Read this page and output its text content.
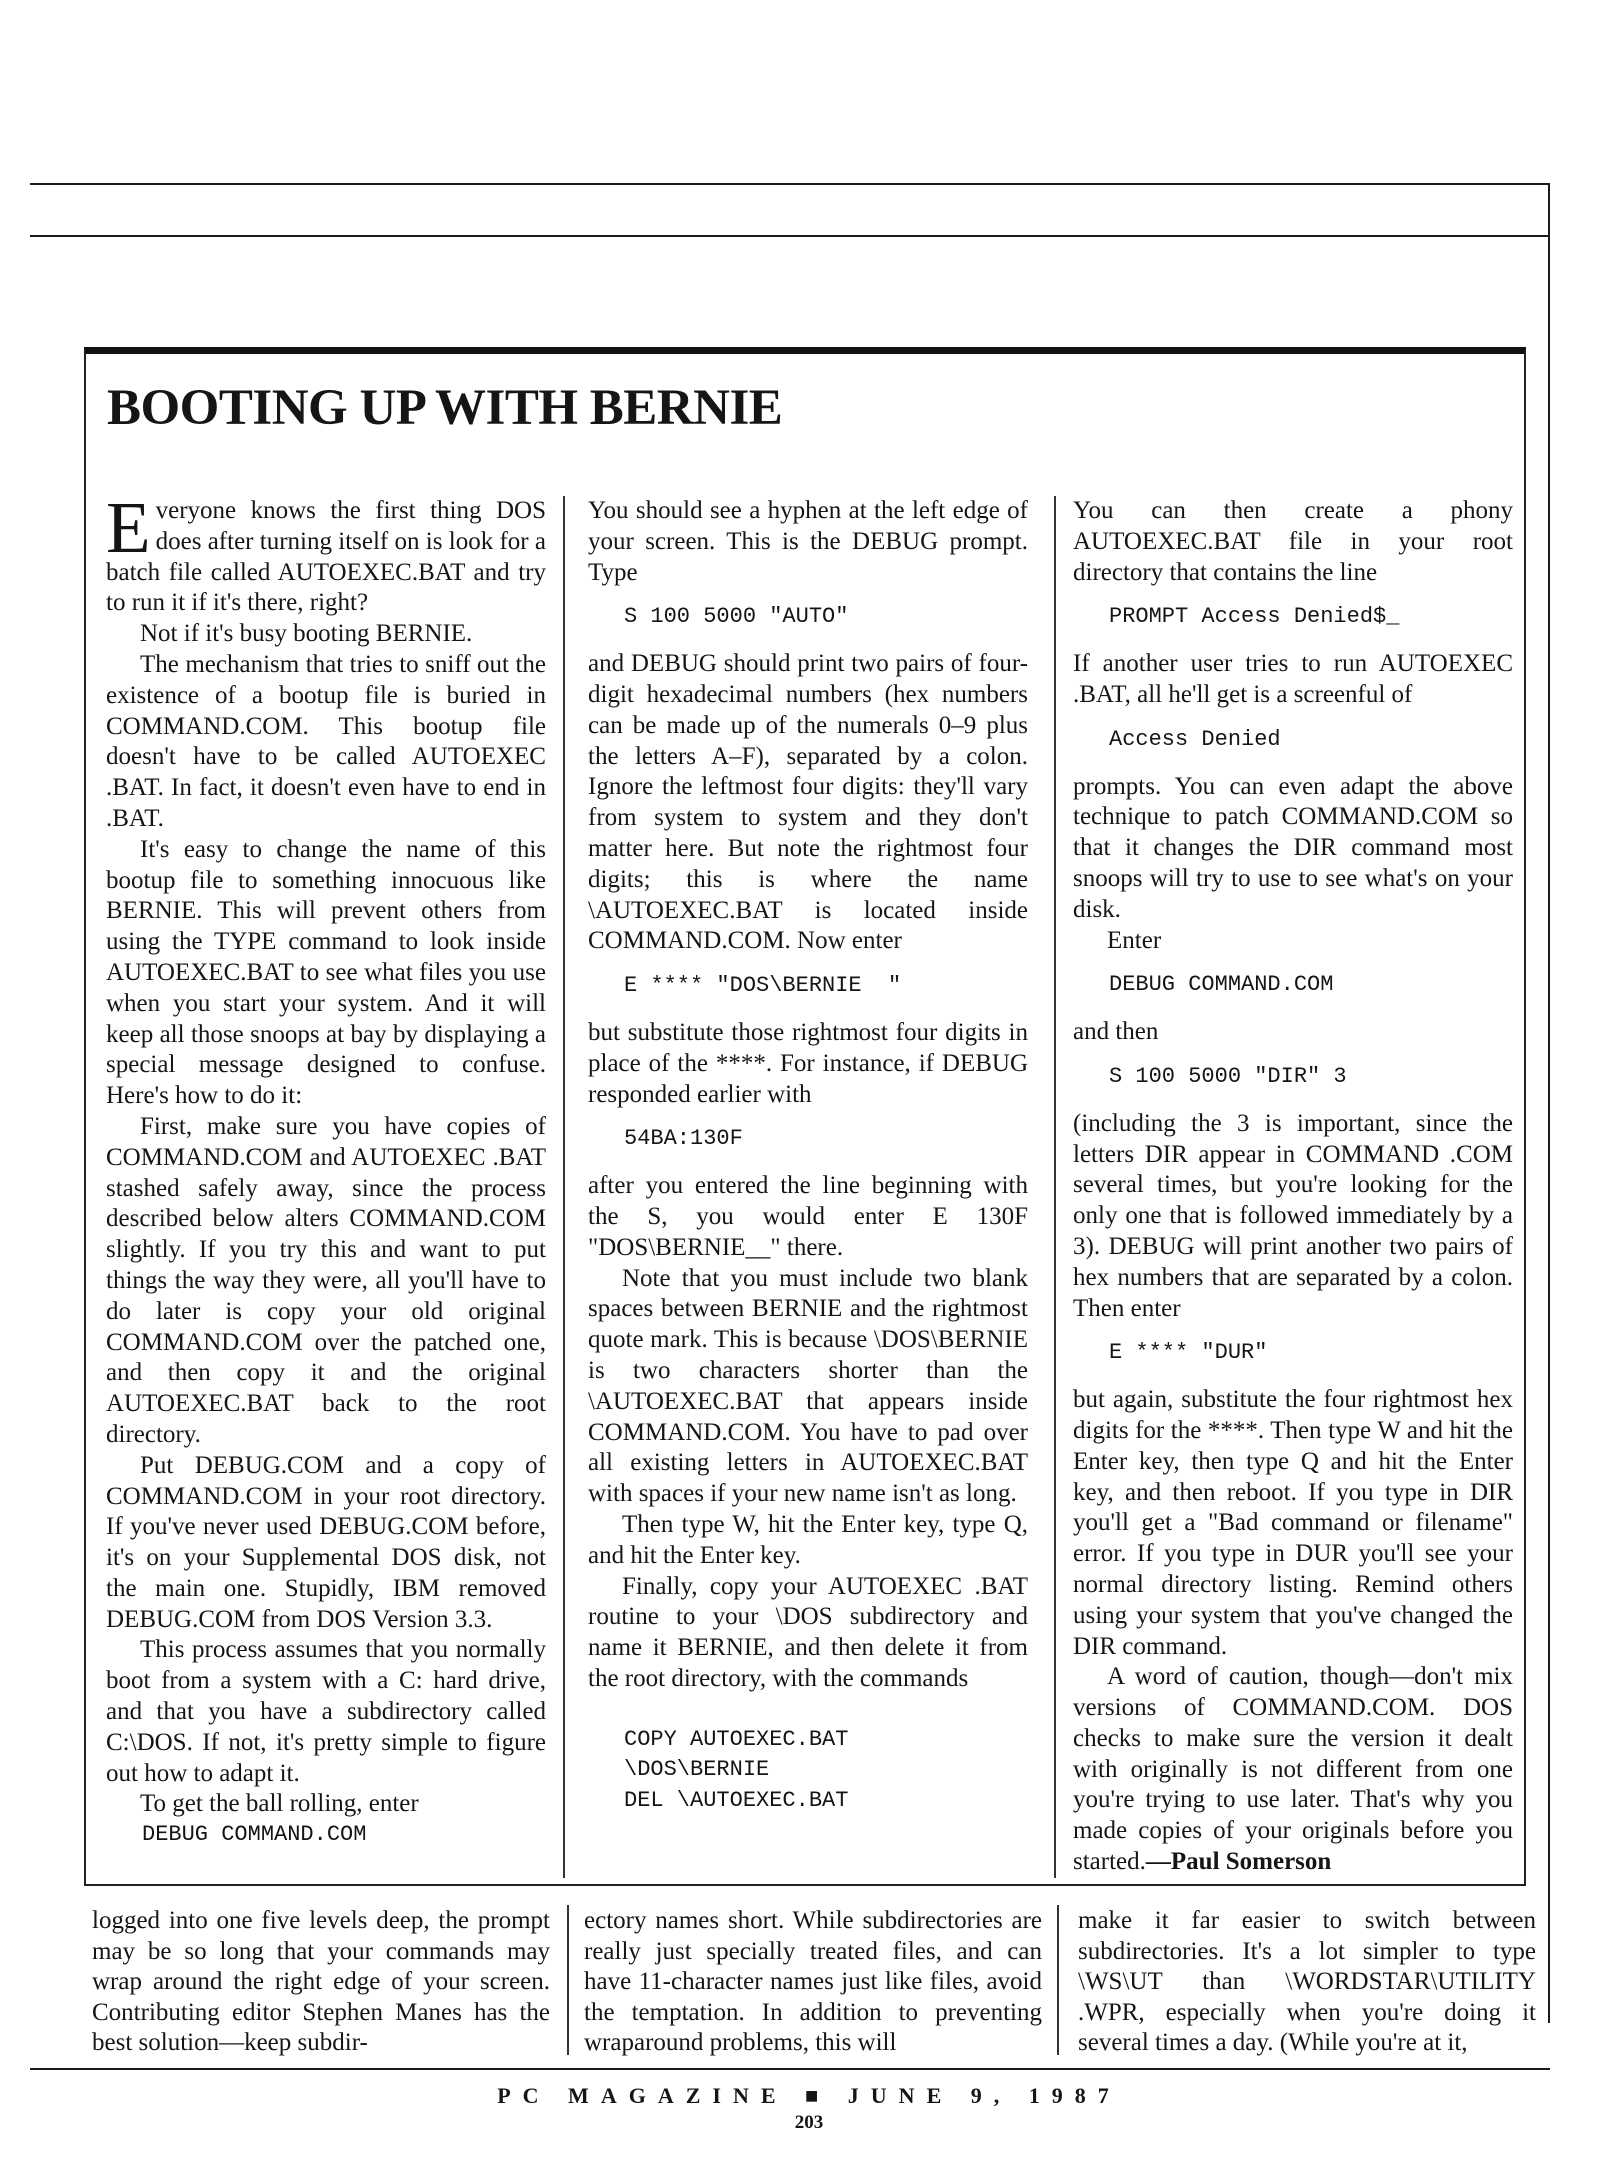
BOOTING UP WITH BERNIE

Everyone knows the first thing DOS does after turning itself on is look for a batch file called AUTOEXEC.BAT and try to run it if it's there, right?

Not if it's busy booting BERNIE.

The mechanism that tries to sniff out the existence of a bootup file is buried in COMMAND.COM. This bootup file doesn't have to be called AUTOEXEC .BAT. In fact, it doesn't even have to end in .BAT.

It's easy to change the name of this bootup file to something innocuous like BERNIE. This will prevent others from using the TYPE command to look inside AUTOEXEC.BAT to see what files you use when you start your system. And it will keep all those snoops at bay by displaying a special message designed to confuse. Here's how to do it:

First, make sure you have copies of COMMAND.COM and AUTOEXEC .BAT stashed safely away, since the process described below alters COMMAND.COM slightly. If you try this and want to put things the way they were, all you'll have to do later is copy your old original COMMAND.COM over the patched one, and then copy it and the original AUTOEXEC.BAT back to the root directory.

Put DEBUG.COM and a copy of COMMAND.COM in your root directory. If you've never used DEBUG.COM before, it's on your Supplemental DOS disk, not the main one. Stupidly, IBM removed DEBUG.COM from DOS Version 3.3.

This process assumes that you normally boot from a system with a C: hard drive, and that you have a subdirectory called C:\DOS. If not, it's pretty simple to figure out how to adapt it.

To get the ball rolling, enter

DEBUG COMMAND.COM

You should see a hyphen at the left edge of your screen. This is the DEBUG prompt. Type

S 100 5000 "AUTO"

and DEBUG should print two pairs of four-digit hexadecimal numbers (hex numbers can be made up of the numerals 0–9 plus the letters A–F), separated by a colon. Ignore the leftmost four digits: they'll vary from system to system and they don't matter here. But note the rightmost four digits; this is where the name \AUTOEXEC.BAT is located inside COMMAND.COM. Now enter

E **** "DOS\BERNIE  "

but substitute those rightmost four digits in place of the ****. For instance, if DEBUG responded earlier with

54BA:130F

after you entered the line beginning with the S, you would enter E 130F "DOS\BERNIE__" there.

Note that you must include two blank spaces between BERNIE and the rightmost quote mark. This is because \DOS\BERNIE is two characters shorter than the \AUTOEXEC.BAT that appears inside COMMAND.COM. You have to pad over all existing letters in AUTOEXEC.BAT with spaces if your new name isn't as long.

Then type W, hit the Enter key, type Q, and hit the Enter key.

Finally, copy your AUTOEXEC .BAT routine to your \DOS subdirectory and name it BERNIE, and then delete it from the root directory, with the commands

COPY AUTOEXEC.BAT
\DOS\BERNIE
DEL \AUTOEXEC.BAT

You can then create a phony AUTOEXEC.BAT file in your root directory that contains the line

PROMPT Access Denied$_

If another user tries to run AUTOEXEC .BAT, all he'll get is a screenful of

Access Denied

prompts. You can even adapt the above technique to patch COMMAND.COM so that it changes the DIR command most snoops will try to use to see what's on your disk.

Enter

DEBUG COMMAND.COM

and then

S 100 5000 "DIR" 3

(including the 3 is important, since the letters DIR appear in COMMAND .COM several times, but you're looking for the only one that is followed immediately by a 3). DEBUG will print another two pairs of hex numbers that are separated by a colon. Then enter

E **** "DUR"

but again, substitute the four rightmost hex digits for the ****. Then type W and hit the Enter key, then type Q and hit the Enter key, and then reboot. If you type in DIR you'll get a "Bad command or filename" error. If you type in DUR you'll see your normal directory listing. Remind others using your system that you've changed the DIR command.

A word of caution, though—don't mix versions of COMMAND.COM. DOS checks to make sure the version it dealt with originally is not different from one you're trying to use later. That's why you made copies of your originals before you started.—Paul Somerson

logged into one five levels deep, the prompt may be so long that your commands may wrap around the right edge of your screen. Contributing editor Stephen Manes has the best solution—keep subdir-
ectory names short. While subdirectories are really just specially treated files, and can have 11-character names just like files, avoid the temptation. In addition to preventing wraparound problems, this will
make it far easier to switch between subdirectories. It's a lot simpler to type \WS\UT than \WORDSTAR\UTILITY .WPR, especially when you're doing it several times a day. (While you're at it,
PC MAGAZINE ■ JUNE 9, 1987
203
